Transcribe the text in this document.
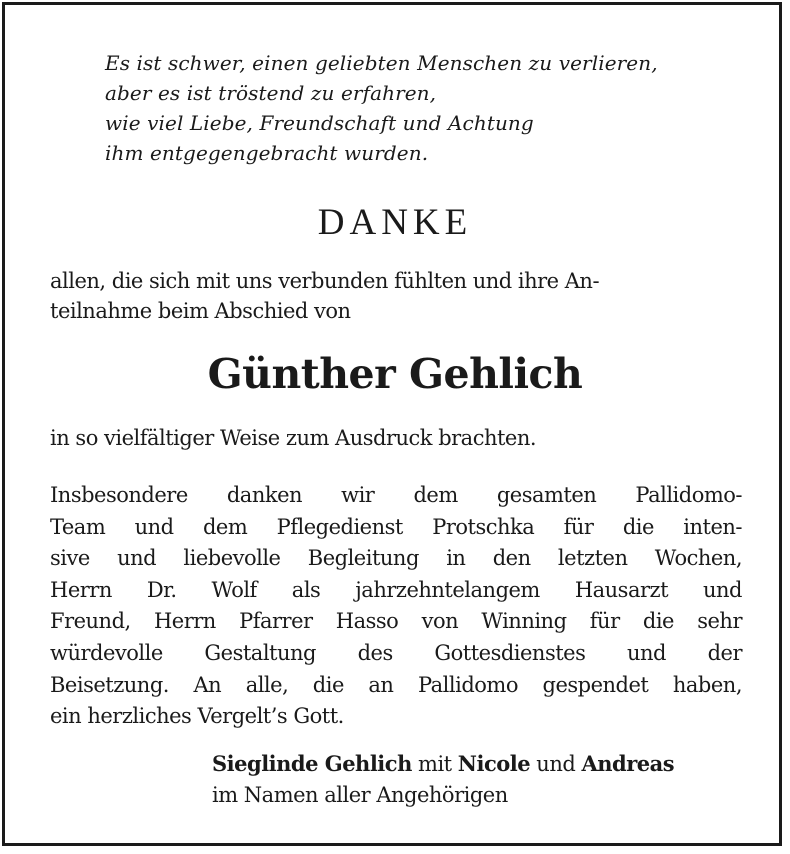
Es ist schwer, einen geliebten Menschen zu verlieren,
aber es ist tröstend zu erfahren,
wie viel Liebe, Freundschaft und Achtung
ihm entgegengebracht wurden.
DANKE
allen, die sich mit uns verbunden fühlten und ihre An-
teilnahme beim Abschied von
Günther Gehlich
in so vielfältiger Weise zum Ausdruck brachten.
Insbesondere danken wir dem gesamten Pallidomo-
Team und dem Pflegedienst Protschka für die inten-
sive und liebevolle Begleitung in den letzten Wochen,
Herrn Dr. Wolf als jahrzehntelangem Hausarzt und
Freund, Herrn Pfarrer Hasso von Winning für die sehr
würdevolle Gestaltung des Gottesdienstes und der
Beisetzung. An alle, die an Pallidomo gespendet haben,
ein herzliches Vergelt’s Gott.
Sieglinde Gehlich mit Nicole und Andreas
im Namen aller Angehörigen
